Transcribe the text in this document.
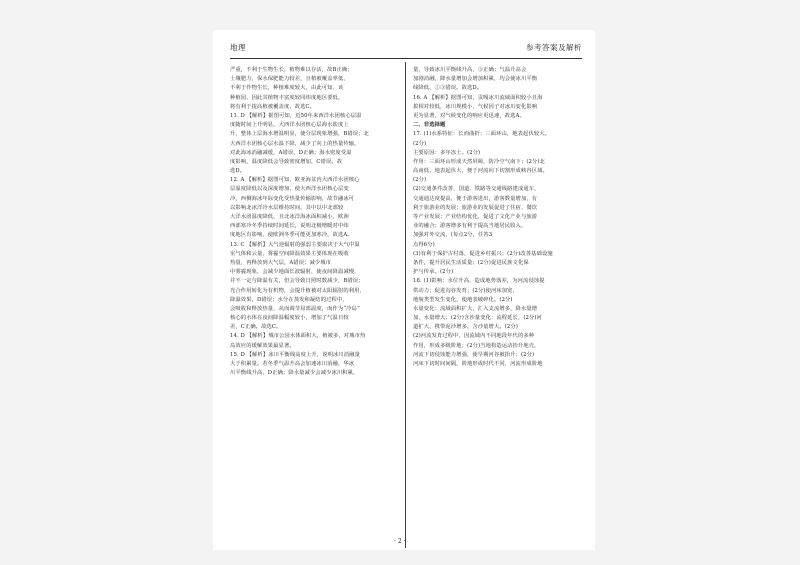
地理	参考答案及解析
严重，不利于生物生长，植物难以存活，故B正确；
土壤肥力，保水保肥能力较差，且植被覆盖率低，
不利于作物生长，种植难度较大，由此可知，该
种植园，因此其植物丰富度较同纬度地区要低，
将有利于提高植被覆盖度，故选C。
11. D 【解析】据图可知，近50年来西洋水团核心层温
度随时间上升明显，大西洋水团核心层海水盐度上
升，整体上层海水增温明显，使分层现象增强，B错误；北
大西洋水团核心层水温下降，减少了向上的热量传输，
对此海冰消融减缓，A错误，D正确；海水密度受温
度影响，温度降低会导致密度增加，C错误。故
选D。
12. A 【解析】据图可知，欧亚海盆内大西洋水团核心
层温度降低以及深度增加，使大西洋水团核心层变
冷，西侧海冰年际变化受热量传输影响，故节融冰可
以影响北冰洋冷水层维持时间，其中以中北部较
大洋水团温度降低，且北冰洋海冰面积减小，欧洲
西部寒冷冬季持续时间延长，说明北极增暖对中纬
度地区有影响，使欧洲冬季可能更加寒冷，故选A。
13. C 【解析】大气逆辐射的强弱主要取决于大气中温
室气体和云量，雾霾空间降温效果主要体现在吸收
热量，再释放到大气层，A错误；减少城市
中雾霾现象，会减少地面长波辐射，使夜间降温减慢，
并不一定与降温有关，但会导致日照时数减少，B错误；
光合作用转化为有机物，会提升植被对太阳辐射的利用，
降温效果，D错误；水分在蒸发和凝结的过程中，
会吸收和释放热量，从而调节局部温度，而作为“冷岛”
核心的水体在夜间降温幅度较小，增加了气温日较
差，C正确。故选C。
14. D 【解析】城市公园水体面积大，植被多，对城市热
岛效应的缓解效果最显著。
15. D 【解析】冰川平衡线高度上升，说明冰川消融量
大于积累量。若冬季气温升高会加速冰川消融，华冰
川平衡线升高，D正确；降水量减少会减少冰川积累，
量，导致冰川平衡线升高，③正确；气温升高会
加剧消融，降水量增加会增加积累，均会使冰川平衡
线降低，②③错误。故选D。
16. A 【解析】据图可知，贡嘎冰川流域面积较小且海
拔相对较低，冰川规模小，气候因子对冰川变化影响
更为显著，对气候变化的响应更迅速，故选A。
二、非选择题
17. (1)水系特征：长而曲折；三面环山，地表起伏较大。
(2分)
主要原因：多年冻土。(2分)
作用：三面环山形成天然屏障，防冷空气南下；(2分)北
高南低，地表起伏大，便于河流向下切割形成峡谷区域。
(2分)
(2)交通条件改善，国道、铁路等交通线路建成通车，
交通通达度提高，便于游客进出，游客数量增加，有
利于旅游业的发展；旅游业的发展促进了住宿、餐饮
等产业发展；产业结构优化，促进了文化产业与旅游
业的融合；游客增多有利于提高当地居民收入，
加强对外交流，(每点2分，任答3
点得6分)
(3)有利于保护古村落，促进乡村振兴；(2分)改善基础设施
条件，提升居民生活质量；(2分)促进民族文化保
护与传承。(2分)
18. (1)影响：水位升高，造成地势落差，为河流侵蚀提
供动力；促进沟谷发育；(2分)使河床加宽，
地貌类型发生变化，使地表破碎化。(2分)
水量变化：流域面积扩大，汇入支流增多，降水量增
加，水量增大；(2分)含沙量变化：流程延长，(2分)河
道扩大，携带泥沙增多，含沙量增大。(2分)
(2)河流发育过程中，因流域内不同地段年代的多种
作用，形成多级阶地；(2分)当地构造运动抬升地壳，
河流下切侵蚀能力增强，使早期河谷被抬升；(2分)
河床下切时间间隔，阶地形成时代不同，河流形成阶地
· 2 ·
